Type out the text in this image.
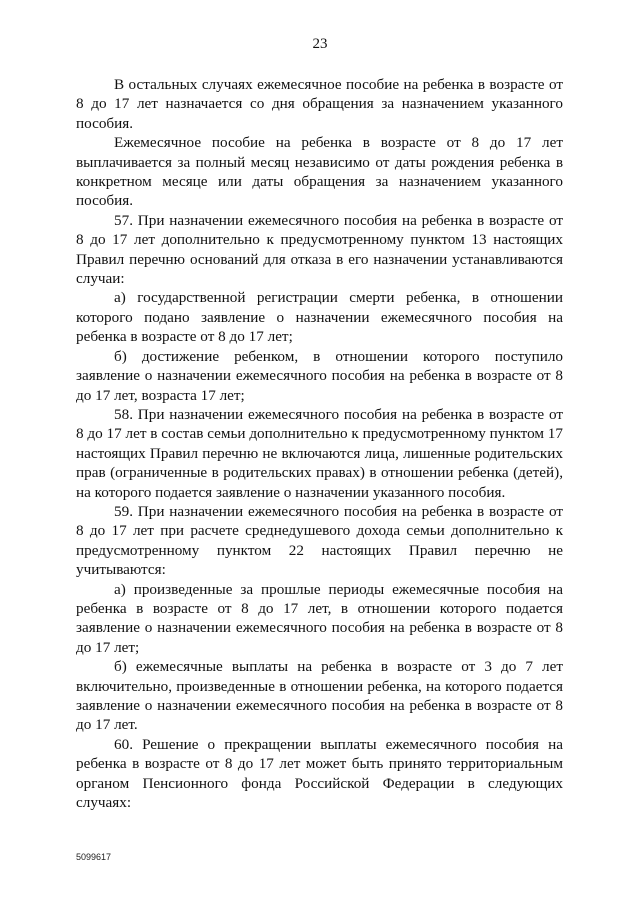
23

В остальных случаях ежемесячное пособие на ребенка в возрасте от 8 до 17 лет назначается со дня обращения за назначением указанного пособия.

Ежемесячное пособие на ребенка в возрасте от 8 до 17 лет выплачивается за полный месяц независимо от даты рождения ребенка в конкретном месяце или даты обращения за назначением указанного пособия.

57. При назначении ежемесячного пособия на ребенка в возрасте от 8 до 17 лет дополнительно к предусмотренному пунктом 13 настоящих Правил перечню оснований для отказа в его назначении устанавливаются случаи:

а) государственной регистрации смерти ребенка, в отношении которого подано заявление о назначении ежемесячного пособия на ребенка в возрасте от 8 до 17 лет;

б) достижение ребенком, в отношении которого поступило заявление о назначении ежемесячного пособия на ребенка в возрасте от 8 до 17 лет, возраста 17 лет;

58. При назначении ежемесячного пособия на ребенка в возрасте от 8 до 17 лет в состав семьи дополнительно к предусмотренному пунктом 17 настоящих Правил перечню не включаются лица, лишенные родительских прав (ограниченные в родительских правах) в отношении ребенка (детей), на которого подается заявление о назначении указанного пособия.

59. При назначении ежемесячного пособия на ребенка в возрасте от 8 до 17 лет при расчете среднедушевого дохода семьи дополнительно к предусмотренному пунктом 22 настоящих Правил перечню не учитываются:

а) произведенные за прошлые периоды ежемесячные пособия на ребенка в возрасте от 8 до 17 лет, в отношении которого подается заявление о назначении ежемесячного пособия на ребенка в возрасте от 8 до 17 лет;

б) ежемесячные выплаты на ребенка в возрасте от 3 до 7 лет включительно, произведенные в отношении ребенка, на которого подается заявление о назначении ежемесячного пособия на ребенка в возрасте от 8 до 17 лет.

60. Решение о прекращении выплаты ежемесячного пособия на ребенка в возрасте от 8 до 17 лет может быть принято территориальным органом Пенсионного фонда Российской Федерации в следующих случаях:

5099617
